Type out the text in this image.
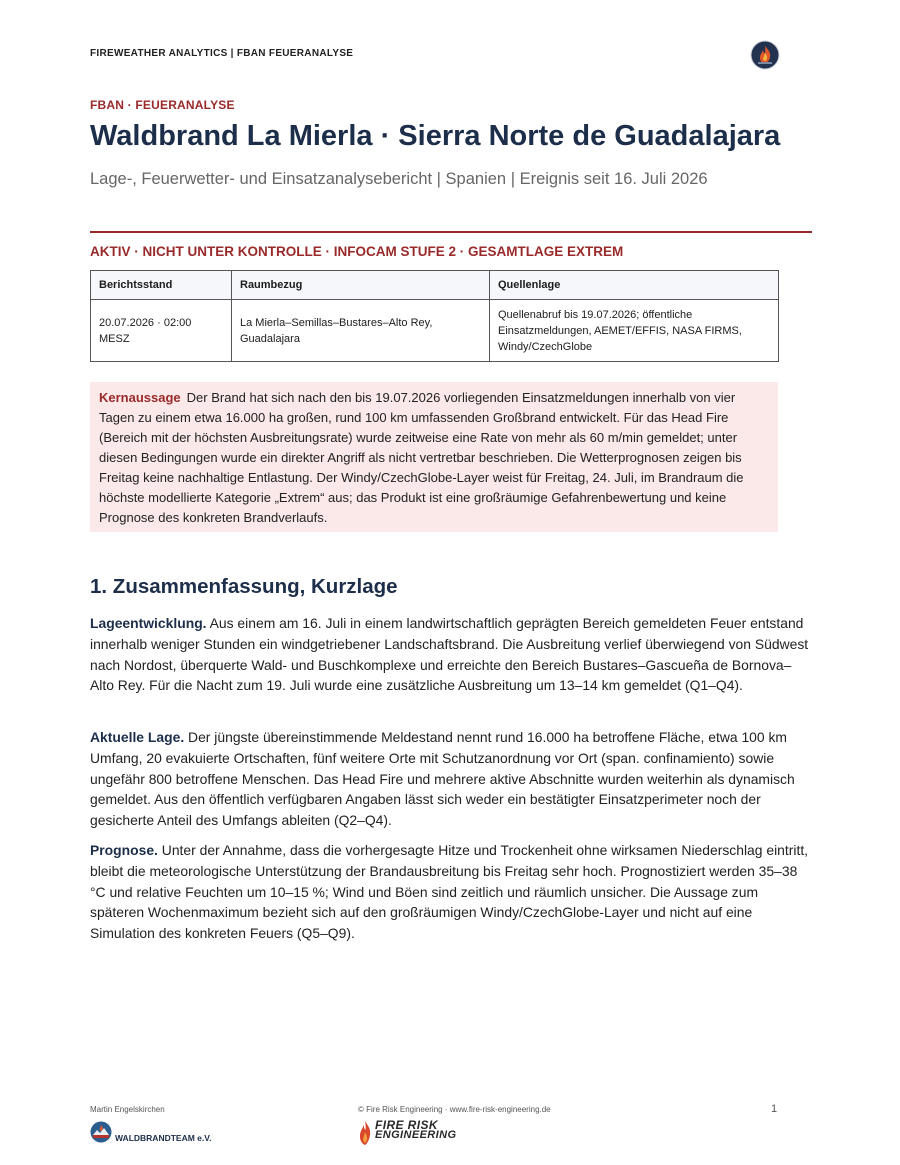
FIREWEATHER ANALYTICS | FBAN FEUERANALYSE
FBAN · FEUERANALYSE
Waldbrand La Mierla · Sierra Norte de Guadalajara
Lage-, Feuerwetter- und Einsatzanalysebericht | Spanien | Ereignis seit 16. Juli 2026
AKTIV · NICHT UNTER KONTROLLE · INFOCAM STUFE 2 · GESAMTLAGE EXTREM
Berichtsstand	Raumbezug	Quellenlage
20.07.2026 · 02:00 MESZ	La Mierla–Semillas–Bustares–Alto Rey, Guadalajara	Quellenabruf bis 19.07.2026; öffentliche Einsatzmeldungen, AEMET/EFFIS, NASA FIRMS, Windy/CzechGlobe
Kernaussage Der Brand hat sich nach den bis 19.07.2026 vorliegenden Einsatzmeldungen innerhalb von vier Tagen zu einem etwa 16.000 ha großen, rund 100 km umfassenden Großbrand entwickelt. Für das Head Fire (Bereich mit der höchsten Ausbreitungsrate) wurde zeitweise eine Rate von mehr als 60 m/min gemeldet; unter diesen Bedingungen wurde ein direkter Angriff als nicht vertretbar beschrieben. Die Wetterprognosen zeigen bis Freitag keine nachhaltige Entlastung. Der Windy/CzechGlobe-Layer weist für Freitag, 24. Juli, im Brandraum die höchste modellierte Kategorie „Extrem“ aus; das Produkt ist eine großräumige Gefahrenbewertung und keine Prognose des konkreten Brandverlaufs.
1. Zusammenfassung, Kurzlage

Lageentwicklung. Aus einem am 16. Juli in einem landwirtschaftlich geprägten Bereich gemeldeten Feuer entstand innerhalb weniger Stunden ein windgetriebener Landschaftsbrand. Die Ausbreitung verlief überwiegend von Südwest nach Nordost, überquerte Wald- und Buschkomplexe und erreichte den Bereich Bustares–Gascueña de Bornova–Alto Rey. Für die Nacht zum 19. Juli wurde eine zusätzliche Ausbreitung um 13–14 km gemeldet (Q1–Q4).

Aktuelle Lage. Der jüngste übereinstimmende Meldestand nennt rund 16.000 ha betroffene Fläche, etwa 100 km Umfang, 20 evakuierte Ortschaften, fünf weitere Orte mit Schutzanordnung vor Ort (span. confinamiento) sowie ungefähr 800 betroffene Menschen. Das Head Fire und mehrere aktive Abschnitte wurden weiterhin als dynamisch gemeldet. Aus den öffentlich verfügbaren Angaben lässt sich weder ein bestätigter Einsatzperimeter noch der gesicherte Anteil des Umfangs ableiten (Q2–Q4).

Prognose. Unter der Annahme, dass die vorhergesagte Hitze und Trockenheit ohne wirksamen Niederschlag eintritt, bleibt die meteorologische Unterstützung der Brandausbreitung bis Freitag sehr hoch. Prognostiziert werden 35–38 °C und relative Feuchten um 10–15 %; Wind und Böen sind zeitlich und räumlich unsicher. Die Aussage zum späteren Wochenmaximum bezieht sich auf den großräumigen Windy/CzechGlobe-Layer und nicht auf eine Simulation des konkreten Feuers (Q5–Q9).

Martin Engelskirchen	© Fire Risk Engineering · www.fire-risk-engineering.de	1
WALDBRANDTEAM e.V.
FIRE RISK
ENGINEERING
